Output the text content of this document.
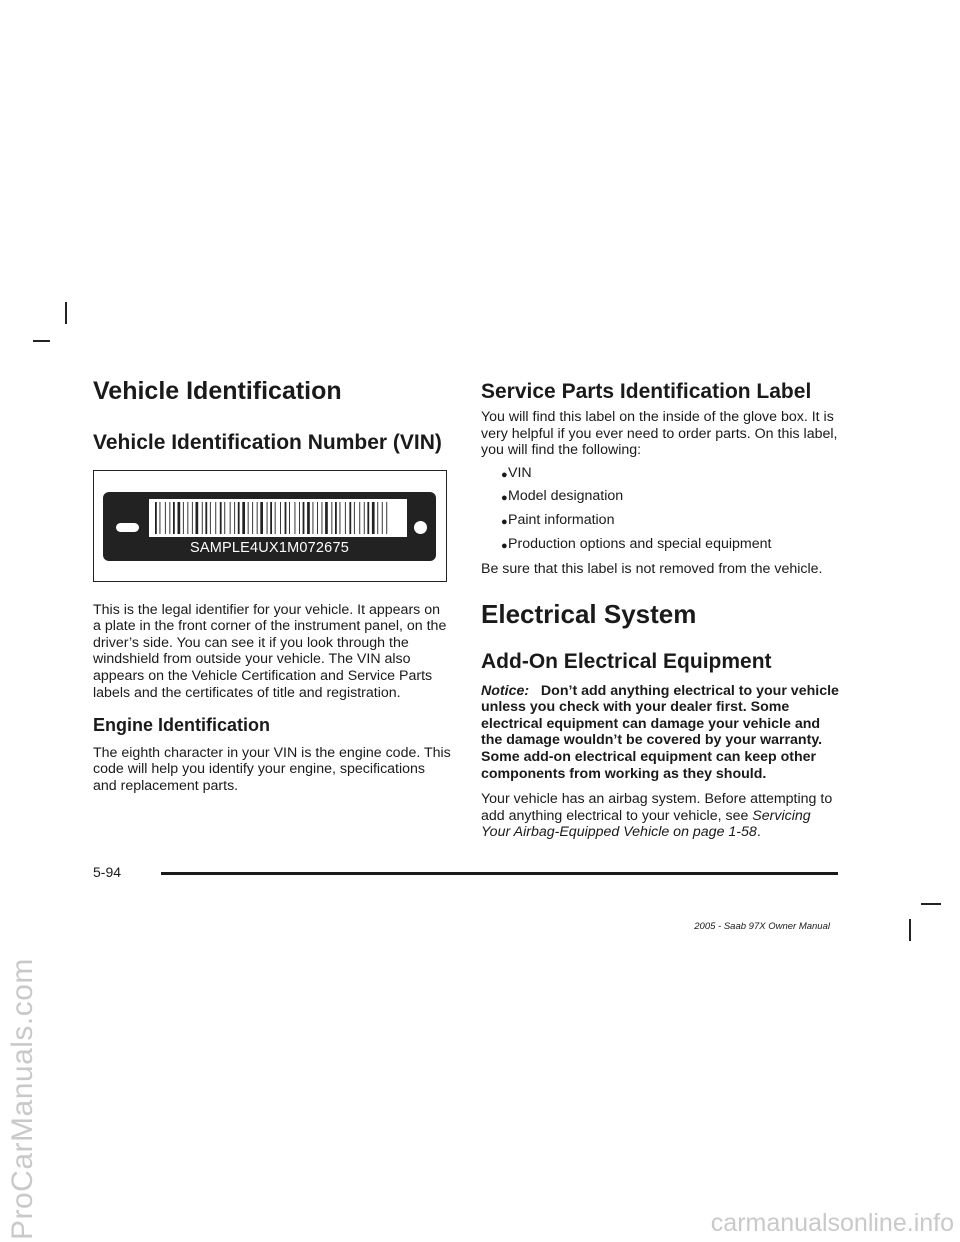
ProCarManuals.com	carmanualsonline.info
Vehicle Identification
Vehicle Identification Number (VIN)
SAMPLE4UX1M072675

This is the legal identifier for your vehicle. It appears on a plate in the front corner of the instrument panel, on the driver’s side. You can see it if you look through the windshield from outside your vehicle. The VIN also appears on the Vehicle Certification and Service Parts labels and the certificates of title and registration.

Engine Identification

The eighth character in your VIN is the engine code. This code will help you identify your engine, specifications and replacement parts.

Service Parts Identification Label

You will find this label on the inside of the glove box. It is very helpful if you ever need to order parts. On this label, you will find the following:

● VIN
● Model designation
● Paint information
● Production options and special equipment

Be sure that this label is not removed from the vehicle.

Electrical System
Add-On Electrical Equipment

Notice: Don’t add anything electrical to your vehicle unless you check with your dealer first. Some electrical equipment can damage your vehicle and the damage wouldn’t be covered by your warranty. Some add-on electrical equipment can keep other components from working as they should.

Your vehicle has an airbag system. Before attempting to add anything electrical to your vehicle, see Servicing Your Airbag-Equipped Vehicle on page 1-58.

5-94
2005 - Saab 97X Owner Manual
